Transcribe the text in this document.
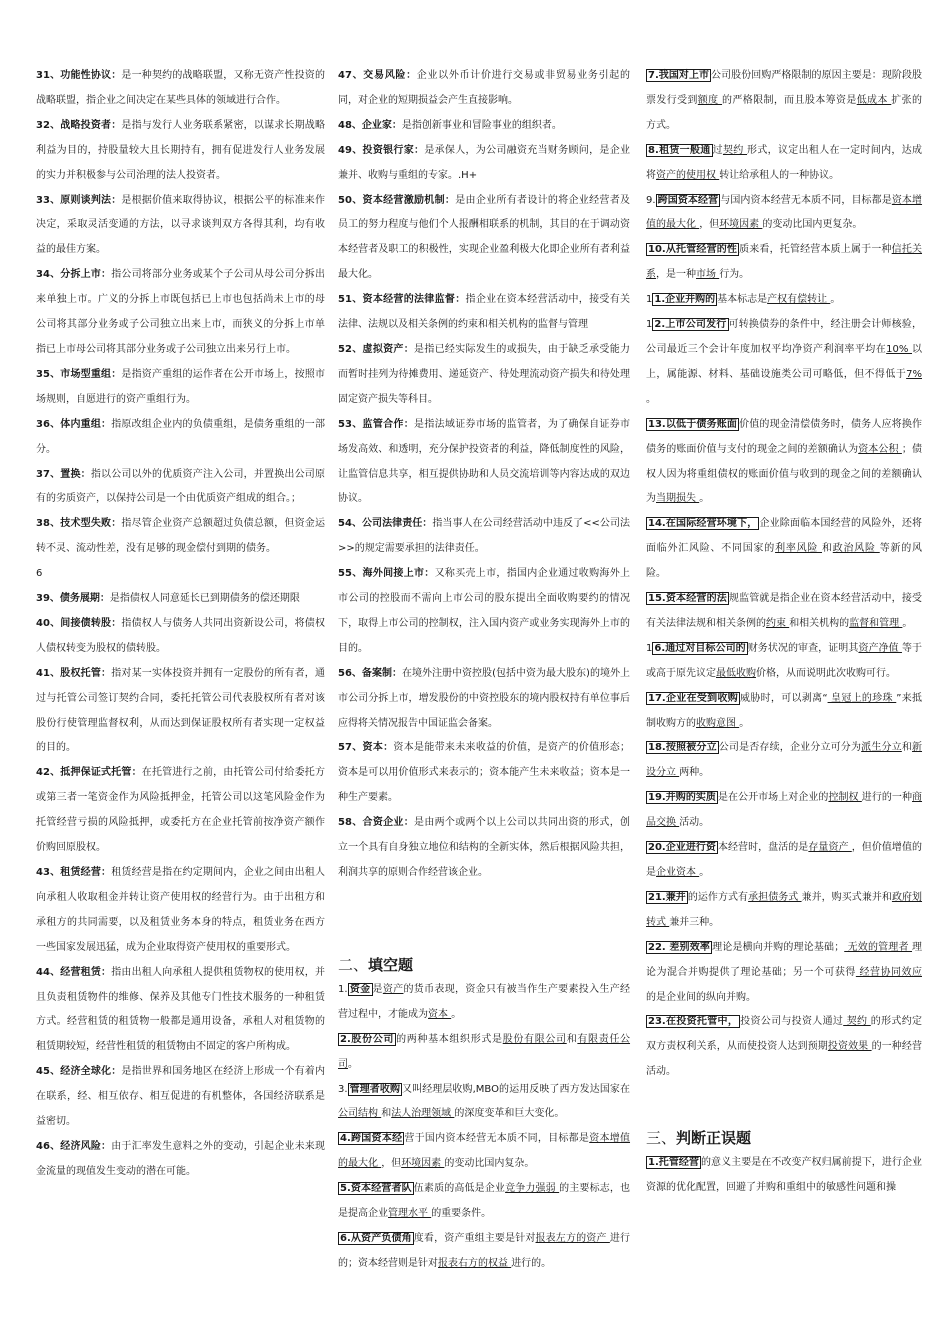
31、功能性协议：是一种契约的战略联盟，又称无资产性投资的战略联盟，指企业之间决定在某些具体的领域进行合作。

32、战略投资者：是指与发行人业务联系紧密，以谋求长期战略利益为目的，持股量较大且长期持有，拥有促进发行人业务发展的实力并积极参与公司治理的法人投资者。

33、原则谈判法：是根据价值来取得协议，根据公平的标准来作决定，采取灵活变通的方法，以寻求谈判双方各得其利，均有收益的最佳方案。

34、分拆上市：指公司将部分业务或某个子公司从母公司分拆出来单独上市。广义的分拆上市既包括已上市也包括尚未上市的母公司将其部分业务或子公司独立出来上市，而狭义的分拆上市单指已上市母公司将其部分业务或子公司独立出来另行上市。

35、市场型重组：是指资产重组的运作者在公开市场上，按照市场规则，自愿进行的资产重组行为。

36、体内重组：指原改组企业内的负债重组，是债务重组的一部分。

37、置换：指以公司以外的优质资产注入公司，并置换出公司原有的劣质资产，以保持公司是一个由优质资产组成的组合。；

38、技术型失败：指尽管企业资产总额超过负债总额，但资金运转不灵、流动性差，没有足够的现金偿付到期的债务。

6

39、债务展期：是指债权人同意延长已到期债务的偿还期限

40、间接债转股：指债权人与债务人共同出资新设公司，将债权人债权转变为股权的债转股。

41、股权托管：指对某一实体投资并拥有一定股份的所有者，通过与托管公司签订契约合同，委托托管公司代表股权所有者对该股份行使管理监督权利，从而达到保证股权所有者实现一定权益的目的。

42、抵押保证式托管：在托管进行之前，由托管公司付给委托方或第三者一笔资金作为风险抵押金，托管公司以这笔风险金作为托管经营亏损的风险抵押，或委托方在企业托管前按净资产额作价购回原股权。

43、租赁经营：租赁经营是指在约定期间内，企业之间由出租人向承租人收取租金并转让资产使用权的经营行为。由于出租方和承租方的共同需要，以及租赁业务本身的特点，租赁业务在西方一些国家发展迅猛，成为企业取得资产使用权的重要形式。

44、经营租赁：指由出租人向承租人提供租赁物权的使用权，并且负责租赁物件的维修、保养及其他专门性技术服务的一种租赁方式。经营租赁的租赁物一般都是通用设备，承租人对租赁物的租赁期较短，经营性租赁的租赁物由不固定的客户所构成。

45、经济全球化：是指世界和国务地区在经济上形成一个有着内在联系，经、相互依存、相互促进的有机整体，各国经济联系是益密切。

46、经济风险：由于汇率发生意料之外的变动，引起企业未来现金流量的现值发生变动的潜在可能。

47、交易风险：企业以外币计价进行交易或非贸易业务引起的同，对企业的短期损益会产生直接影响。

48、企业家：是指创新事业和冒险事业的组织者。

49、投资银行家：是承保人，为公司融资充当财务顾问，是企业兼并、收购与重组的专家。.H+

50、资本经营激励机制：是由企业所有者设计的将企业经营者及员工的努力程度与他们个人报酬相联系的机制，其目的在于调动资本经营者及职工的积极性，实现企业盈利极大化即企业所有者利益最大化。

51、资本经营的法律监督：指企业在资本经营活动中，接受有关法律、法规以及相关条例的约束和相关机构的监督与管理

52、虚拟资产：是指已经实际发生的或损失，由于缺乏承受能力而暂时挂列为待摊费用、递延资产、待处理流动资产损失和待处理固定资产损失等科目。

53、监管合作：是指法域证券市场的监管者，为了确保自证券市场发高效、和透明，充分保护投资者的利益，降低制度性的风险，让监管信息共享，相互提供协助和人员交流培训等内容达成的双边协议。

54、公司法律责任：指当事人在公司经营活动中违反了<<公司法>>的规定需要承担的法律责任。

55、海外间接上市：又称买壳上市，指国内企业通过收购海外上市公司的控股而不需向上市公司的股东提出全面收购要约的情况下，取得上市公司的控制权，注入国内资产或业务实现海外上市的目的。

56、备案制：在境外注册中资控股(包括中资为最大股东)的境外上市公司分拆上市，增发股份的中资控股东的境内股权持有单位事后应得将关情况报告中国证监会备案。

57、资本：资本是能带来未来收益的价值，是资产的价值形态；资本是可以用价值形式来表示的；资本能产生未来收益；资本是一种生产要素。

58、合资企业：是由两个或两个以上公司以共同出资的形式，创立一个具有自身独立地位和结构的全新实体，然后根据风险共担，利润共享的原则合作经营该企业。

二、填空题

1. 资金 是资产的货币表现，资金只有被当作生产要素投入生产经营过程中，才能成为资本 。

2.股份公司 的两种基本组织形式是股份有限公司和有限责任公司。

3. 管理者收购 又叫经理层收购,MBO的运用反映了西方发达国家在公司结构 和法人治理领域 的深度变革和巨大变化。

4.跨国资本经 营于国内资本经营无本质不同，目标都是资本增值的最大化 ，但环境因素 的变动比国内复杂。

5.资本经营者队 伍素质的高低是企业竞争力强弱 的主要标志，也是提高企业管理水平 的重要条件。

6.从资产负债角 度看，资产重组主要是针对报表左方的资产 进行的；资本经营则是针对报表右方的权益 进行的。

7.我国对上市 公司股份回购严格限制的原因主要是：现阶段股票发行受到额度 的严格限制，而且股本筹资是低成本 扩张的方式。

8.租赁一般通 过契约 形式，议定出租人在一定时间内，达成将资产的使用权 转让给承租人的一种协议。

9. 跨国资本经营 与国内资本经营无本质不同，目标都是资本增值的最大化 ，但环境因素 的变动比国内更复杂。

10.从托管经营的性 质来看，托管经营本质上属于一种信托关系，是一种市场 行为。

1 1.企业并购的 基本标志是产权有偿转让 。

1 2.上市公司发行 可转换债券的条件中，经注册会计师核验，公司最近三个会计年度加权平均净资产利润率平均在10% 以上，属能源、材料、基础设施类公司可略低，但不得低于7% 。

13.以低于债务账面 价值的现金清偿债务时，债务人应将换作债务的账面价值与支付的现金之间的差额确认为资本公积 ；债权人因为将重组债权的账面价值与收到的现金之间的差额确认为当期损失 。

14.在国际经营环境下， 企业除面临本国经营的风险外，还将面临外汇风险、不同国家的利率风险 和政治风险 等新的风险。

15.资本经营的法 规监管就是指企业在资本经营活动中，接受有关法律法规和相关条例的约束 和相关机构的监督和管理 。

1 6.通过对目标公司的 财务状况的审查，证明其资产净值 等于或高于原先议定最低收购价格，从而说明此次收购可行。

17.企业在受到收购 威胁时，可以剥离“ 皇冠上的珍珠 ”来抵制收购方的收购意图 。

18.按照被分立 公司是否存续，企业分立可分为派生分立和新设分立 两种。

19.并购的实质 是在公开市场上对企业的控制权 进行的一种商品交换 活动。

20.企业进行资 本经营时，盘活的是存量资产 ，但价值增值的是企业资本 。

21.兼并 的运作方式有承担债务式 兼并，购买式兼并和政府划转式 兼并三种。

22. 差别效率 理论是横向并购的理论基础； 无效的管理者 理论为混合并购提供了理论基础；另一个可获得 经营协同效应 的是企业间的纵向并购。

23.在投资托管中， 投资公司与投资人通过 契约 的形式约定双方责权利关系，从而使投资人达到预期投资效果 的一种经营活动。

三、判断正误题

1.托管经营 的意义主要是在不改变产权归属前提下，进行企业资源的优化配置，回避了并购和重组中的敏感性问题和操
